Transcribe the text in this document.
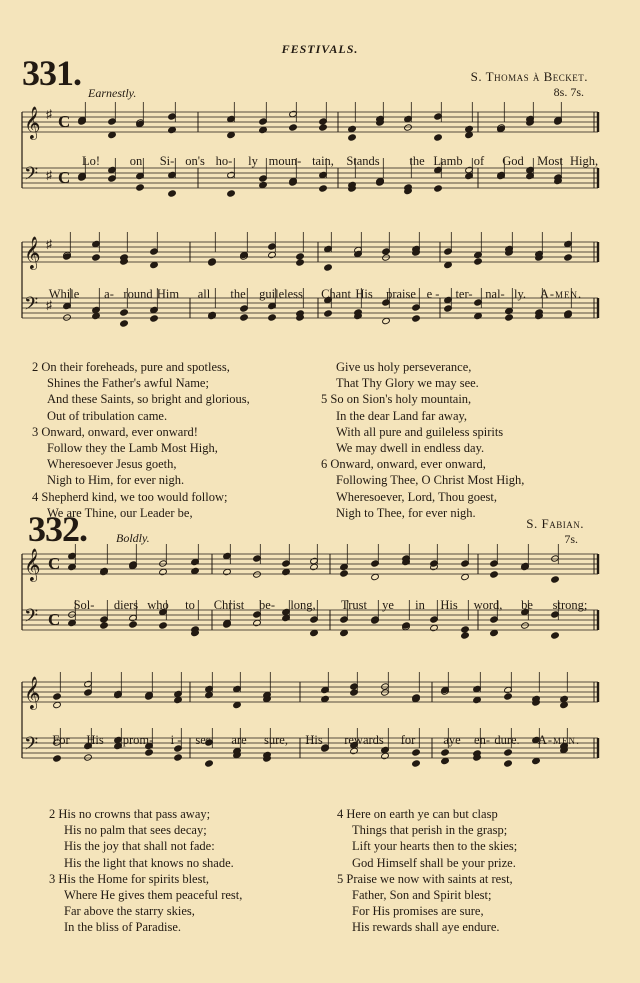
FESTIVALS.
331. Earnestly.
S. Thomas à Becket.
8s. 7s.
𝄞 ♯ C
𝄢 ♯ C
Lo! on Si- on's ho- ly moun- tain, Stands the Lamb of God Most High,
𝄞 ♯
𝄢 ♯
While a- round Him all the guileless Chant His praise e - ter- nal- ly. A-men.
2 On their foreheads, pure and spotless,
Shines the Father's awful Name;
And these Saints, so bright and glorious,
Out of tribulation came.
3 Onward, onward, ever onward!
Follow they the Lamb Most High,
Wheresoever Jesus goeth,
Nigh to Him, for ever nigh.
4 Shepherd kind, we too would follow;
We are Thine, our Leader be,
Give us holy perseverance,
That Thy Glory we may see.
5 So on Sion's holy mountain,
In the dear Land far away,
With all pure and guileless spirits
We may dwell in endless day.
6 Onward, onward, ever onward,
Following Thee, O Christ Most High,
Wheresoever, Lord, Thou goest,
Nigh to Thee, for ever nigh.
332. Boldly.
S. Fabian.
7s.
𝄞 C
𝄢 C
Sol- diers who to Christ be- long, Trust ye in His word, be strong;
𝄞
𝄢 For His prom- i - ses are sure, His rewards for aye en- dure. A-men.
2 His no crowns that pass away;
His no palm that sees decay;
His the joy that shall not fade:
His the light that knows no shade.
3 His the Home for spirits blest,
Where He gives them peaceful rest,
Far above the starry skies,
In the bliss of Paradise.
4 Here on earth ye can but clasp
Things that perish in the grasp;
Lift your hearts then to the skies;
God Himself shall be your prize.
5 Praise we now with saints at rest,
Father, Son and Spirit blest;
For His promises are sure,
His rewards shall aye endure.
